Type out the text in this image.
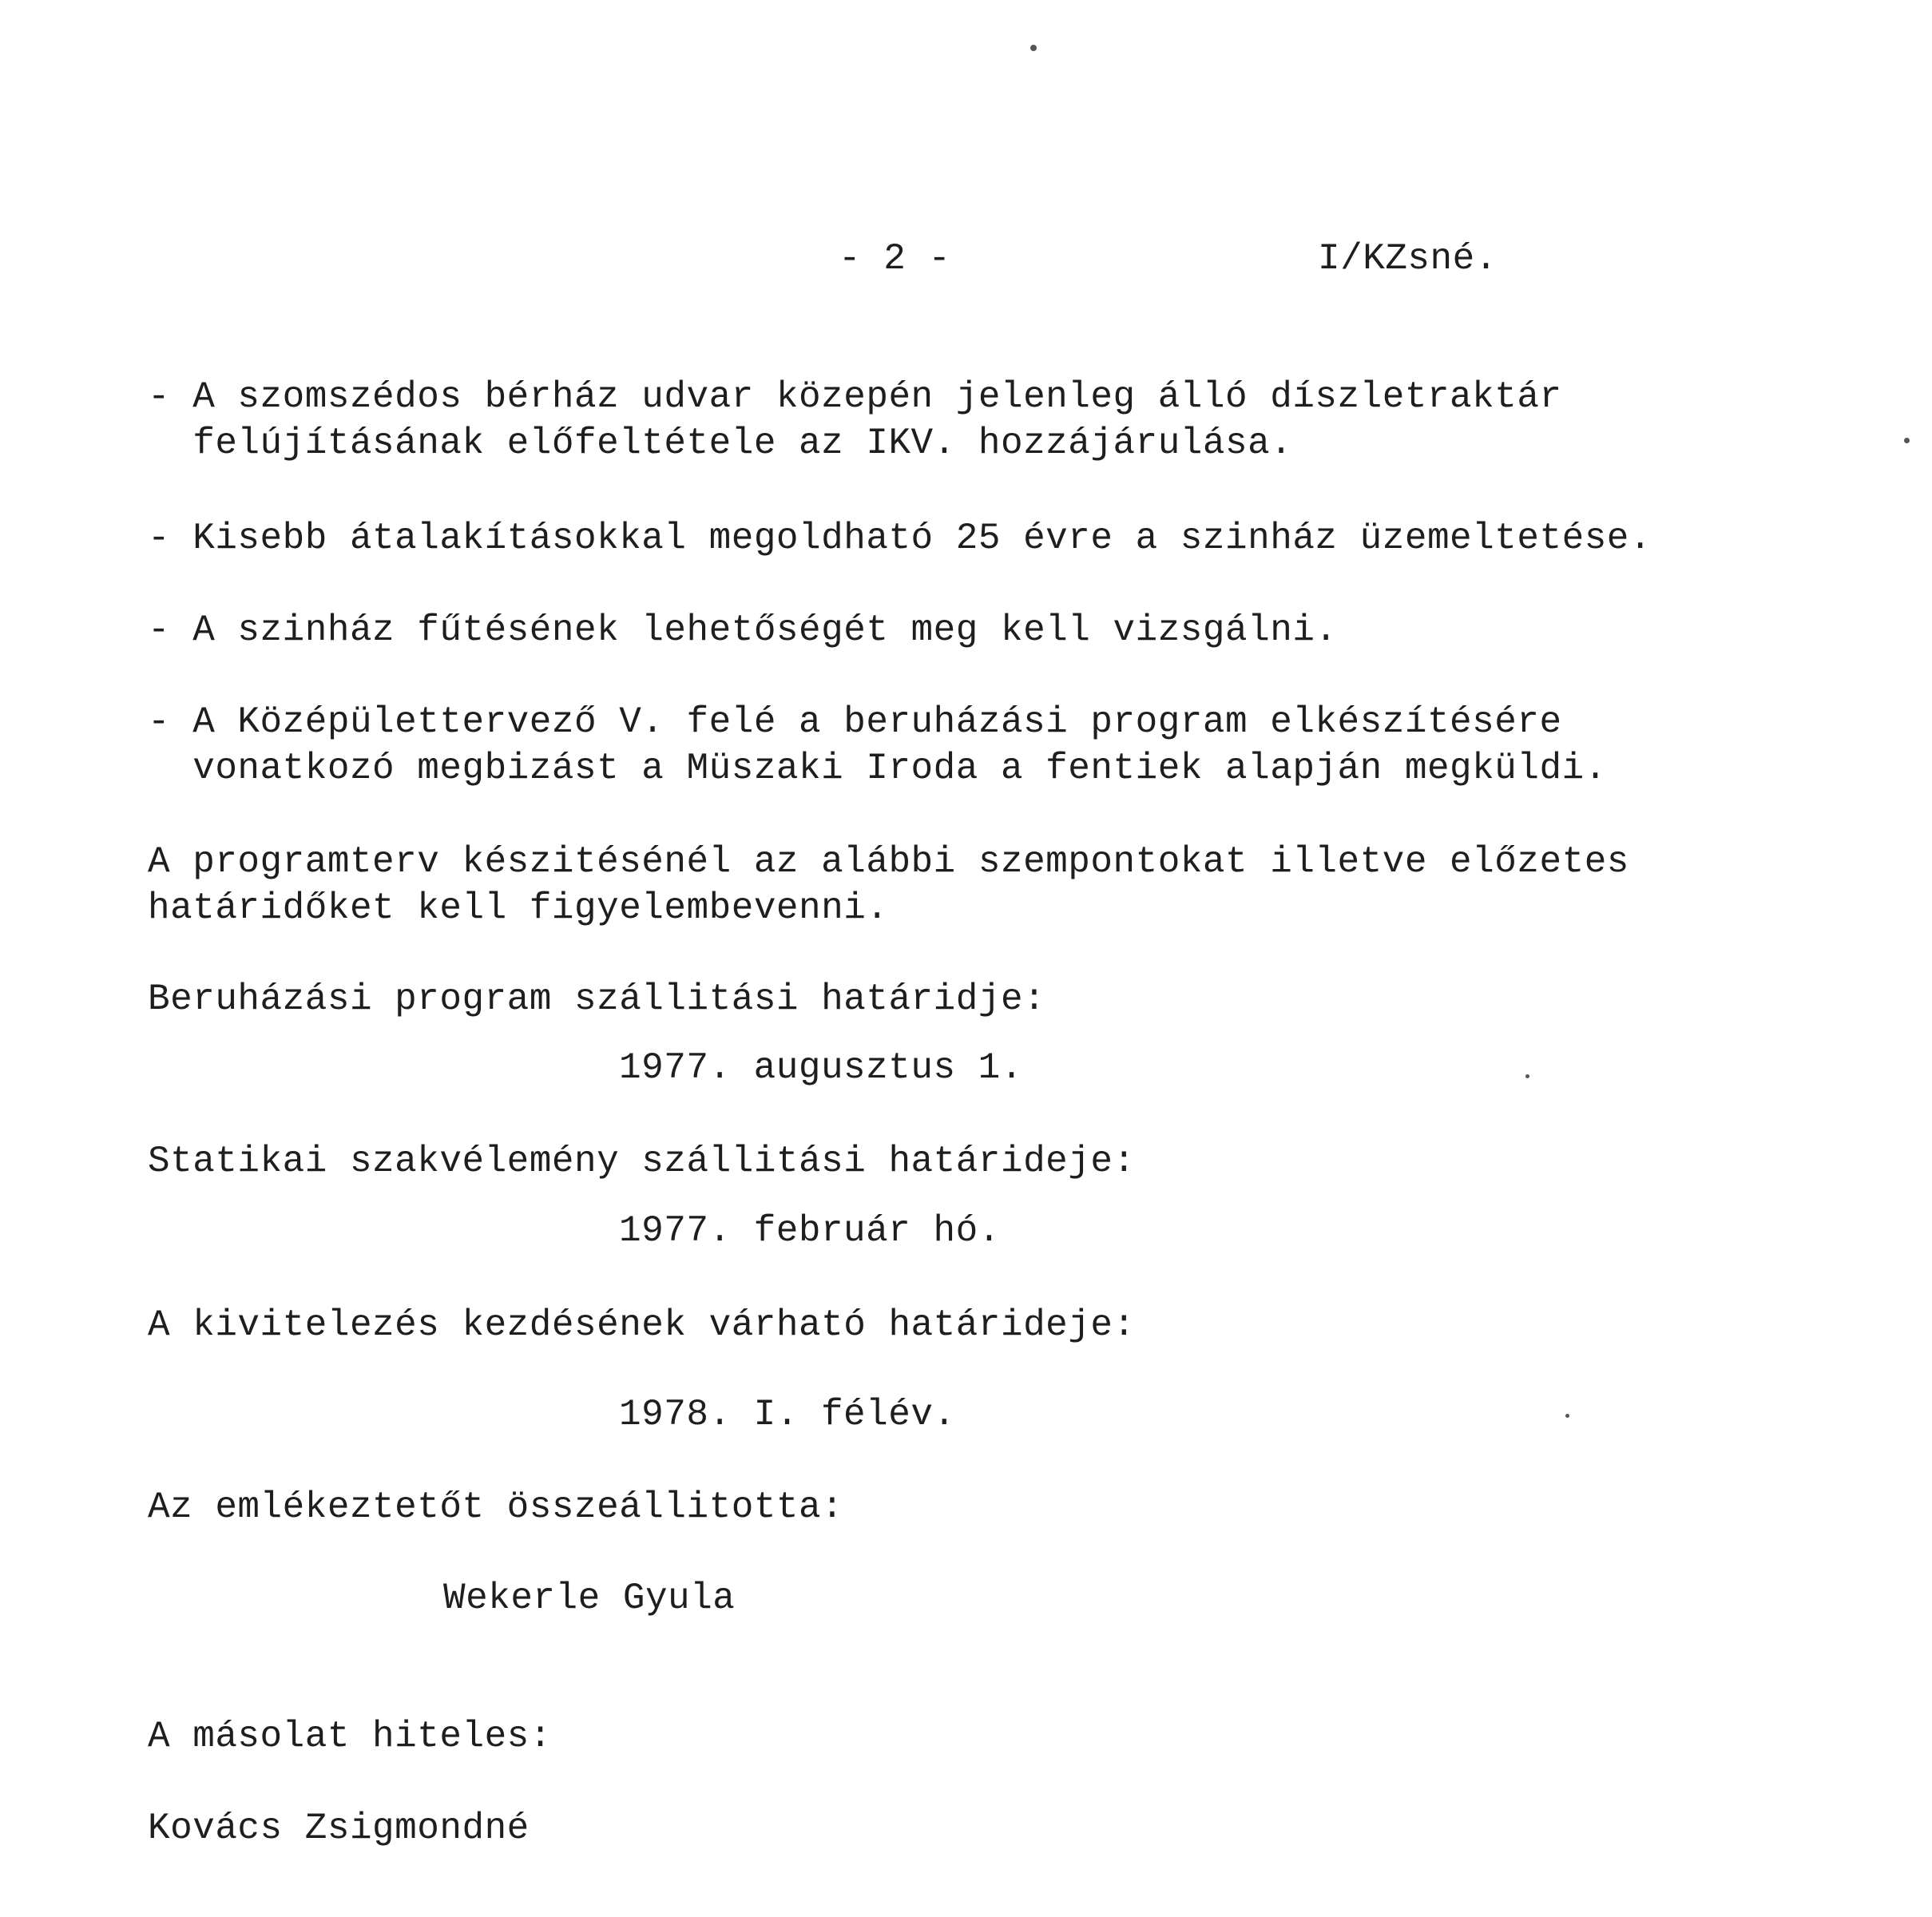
- 2 -	I/KZsné.
- A szomszédos bérház udvar közepén jelenleg álló díszletraktár
felújításának előfeltétele az IKV. hozzájárulása.
- Kisebb átalakításokkal megoldható 25 évre a szinház üzemeltetése.
- A szinház fűtésének lehetőségét meg kell vizsgálni.
- A Középülettervező V. felé a beruházási program elkészítésére
vonatkozó megbizást a Müszaki Iroda a fentiek alapján megküldi.
A programterv készitésénél az alábbi szempontokat illetve előzetes
határidőket kell figyelembevenni.
Beruházási program szállitási határidje:
1977. augusztus 1.
Statikai szakvélemény szállitási határideje:
1977. február hó.
A kivitelezés kezdésének várható határideje:
1978. I. félév.
Az emlékeztetőt összeállitotta:
Wekerle Gyula
A másolat hiteles:
Kovács Zsigmondné
